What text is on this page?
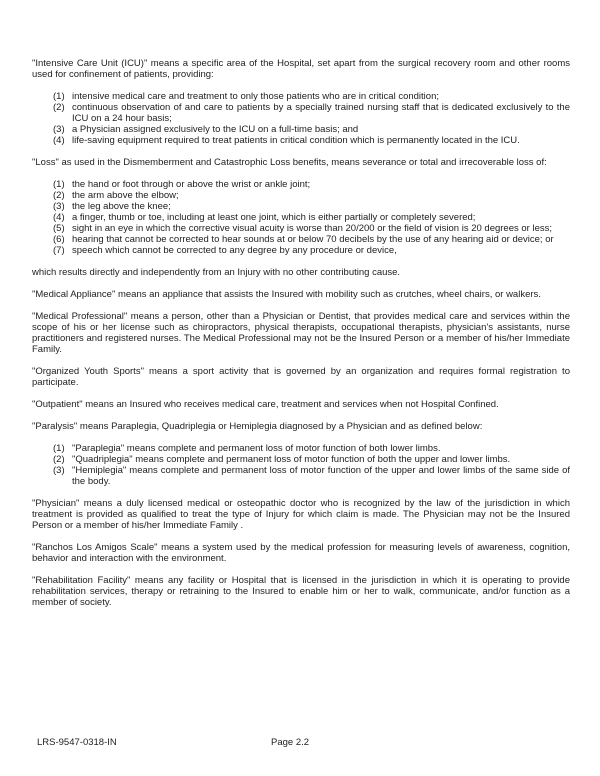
"Intensive Care Unit (ICU)" means a specific area of the Hospital, set apart from the surgical recovery room and other rooms used for confinement of patients, providing:

(1) intensive medical care and treatment to only those patients who are in critical condition;
(2) continuous observation of and care to patients by a specially trained nursing staff that is dedicated exclusively to the ICU on a 24 hour basis;
(3) a Physician assigned exclusively to the ICU on a full-time basis; and
(4) life-saving equipment required to treat patients in critical condition which is permanently located in the ICU.

"Loss" as used in the Dismemberment and Catastrophic Loss benefits, means severance or total and irrecoverable loss of:

(1) the hand or foot through or above the wrist or ankle joint;
(2) the arm above the elbow;
(3) the leg above the knee;
(4) a finger, thumb or toe, including at least one joint, which is either partially or completely severed;
(5) sight in an eye in which the corrective visual acuity is worse than 20/200 or the field of vision is 20 degrees or less;
(6) hearing that cannot be corrected to hear sounds at or below 70 decibels by the use of any hearing aid or device; or
(7) speech which cannot be corrected to any degree by any procedure or device,

which results directly and independently from an Injury with no other contributing cause.

"Medical Appliance" means an appliance that assists the Insured with mobility such as crutches, wheel chairs, or walkers.

"Medical Professional" means a person, other than a Physician or Dentist, that provides medical care and services within the scope of his or her license such as chiropractors, physical therapists, occupational therapists, physician's assistants, nurse practitioners and registered nurses. The Medical Professional may not be the Insured Person or a member of his/her Immediate Family.

"Organized Youth Sports" means a sport activity that is governed by an organization and requires formal registration to participate.

"Outpatient" means an Insured who receives medical care, treatment and services when not Hospital Confined.

"Paralysis" means Paraplegia, Quadriplegia or Hemiplegia diagnosed by a Physician and as defined below:

(1) "Paraplegia" means complete and permanent loss of motor function of both lower limbs.
(2) "Quadriplegia" means complete and permanent loss of motor function of both the upper and lower limbs.
(3) "Hemiplegia" means complete and permanent loss of motor function of the upper and lower limbs of the same side of the body.

"Physician" means a duly licensed medical or osteopathic doctor who is recognized by the law of the jurisdiction in which treatment is provided as qualified to treat the type of Injury for which claim is made. The Physician may not be the Insured Person or a member of his/her Immediate Family .

"Ranchos Los Amigos Scale" means a system used by the medical profession for measuring levels of awareness, cognition, behavior and interaction with the environment.

"Rehabilitation Facility" means any facility or Hospital that is licensed in the jurisdiction in which it is operating to provide rehabilitation services, therapy or retraining to the Insured to enable him or her to walk, communicate, and/or function as a member of society.

LRS-9547-0318-IN	Page 2.2
